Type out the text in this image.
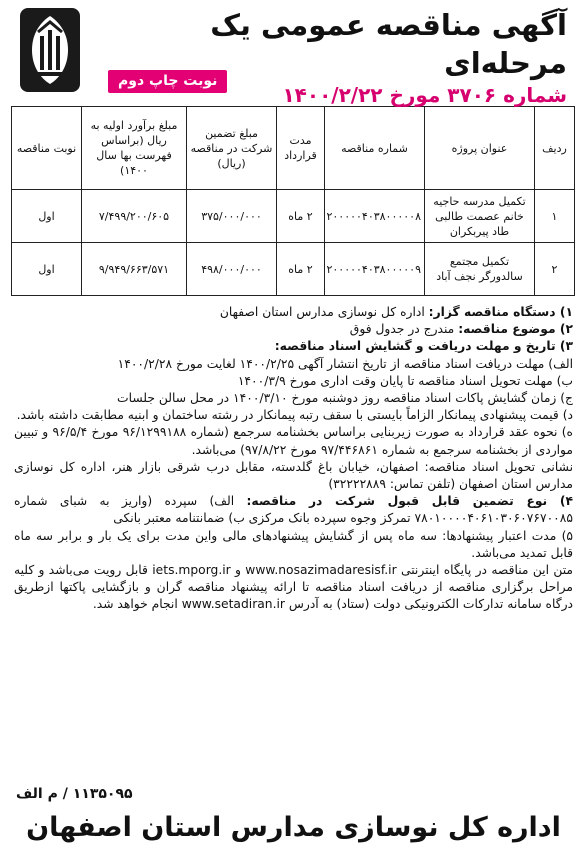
آگهی مناقصه عمومی یک مرحله‌ای

شماره ۳۷۰۶ مورخ ۱۴۰۰/۲/۲۲

نوبت چاپ دوم
ردیف	عنوان پروژه	شماره مناقصه	مدت قرارداد	مبلغ تضمین شرکت در مناقصه (ریال)	مبلغ برآورد اولیه به ریال (براساس فهرست بها سال ۱۴۰۰)	نوبت مناقصه
۱	تکمیل مدرسه حاجیه خانم عصمت طالبی طاد پیربکران	۲۰۰۰۰۰۴۰۳۸۰۰۰۰۰۸	۲ ماه	۳۷۵/۰۰۰/۰۰۰	۷/۴۹۹/۲۰۰/۶۰۵	اول
۲	تکمیل مجتمع سالدورگر نجف آباد	۲۰۰۰۰۰۴۰۳۸۰۰۰۰۰۹	۲ ماه	۴۹۸/۰۰۰/۰۰۰	۹/۹۴۹/۶۶۳/۵۷۱	اول

۱) دستگاه مناقصه گزار: اداره کل نوسازی مدارس استان اصفهان

۲) موضوع مناقصه: مندرج در جدول فوق

۳) تاریخ و مهلت دریافت و گشایش اسناد مناقصه:

الف) مهلت دریافت اسناد مناقصه از تاریخ انتشار آگهی ۱۴۰۰/۲/۲۵ لغایت مورخ ۱۴۰۰/۲/۲۸

ب) مهلت تحویل اسناد مناقصه تا پایان وقت اداری مورخ ۱۴۰۰/۳/۹

ج) زمان گشایش پاکات اسناد مناقصه روز دوشنبه مورخ ۱۴۰۰/۳/۱۰ در محل سالن جلسات

د) قیمت پیشنهادی پیمانکار الزاماً بایستی با سقف رتبه پیمانکار در رشته ساختمان و ابنیه مطابقت داشته باشد.

ه) نحوه عقد قرارداد به صورت زیربنایی براساس بخشنامه سرجمع (شماره ۹۶/۱۲۹۹۱۸۸ مورخ ۹۶/۵/۴ و تبیین مواردی از بخشنامه سرجمع به شماره ۹۷/۴۴۶۸۶۱ مورخ ۹۷/۸/۲۲) می‌باشد.

نشانی تحویل اسناد مناقصه: اصفهان، خیابان باغ گلدسته، مقابل درب شرقی بازار هنر، اداره کل نوسازی مدارس استان اصفهان (تلفن تماس: ۳۲۲۲۲۸۸۹)

۴) نوع تضمین قابل قبول شرکت در مناقصه: الف) سپرده (واریز به شبای شماره ۷۸۰۱۰۰۰۰۴۰۶۱۰۳۰۶۰۷۶۷۰۰۸۵ تمرکز وجوه سپرده بانک مرکزی ب) ضمانتنامه معتبر بانکی

۵) مدت اعتبار پیشنهادها: سه ماه پس از گشایش پیشنهادهای مالی واین مدت برای یک بار و برابر سه ماه قابل تمدید می‌باشد.

متن این مناقصه در پایگاه اینترنتی www.nosazimadaresisf.ir و iets.mporg.ir قابل رویت می‌باشد و کلیه مراحل برگزاری مناقصه از دریافت اسناد مناقصه تا ارائه پیشنهاد مناقصه گران و بازگشایی پاکتها ازطریق درگاه سامانه تدارکات الکترونیکی دولت (ستاد) به آدرس www.setadiran.ir انجام خواهد شد.

۱۱۳۵۰۹۵ / م الف
اداره کل نوسازی مدارس استان اصفهان
